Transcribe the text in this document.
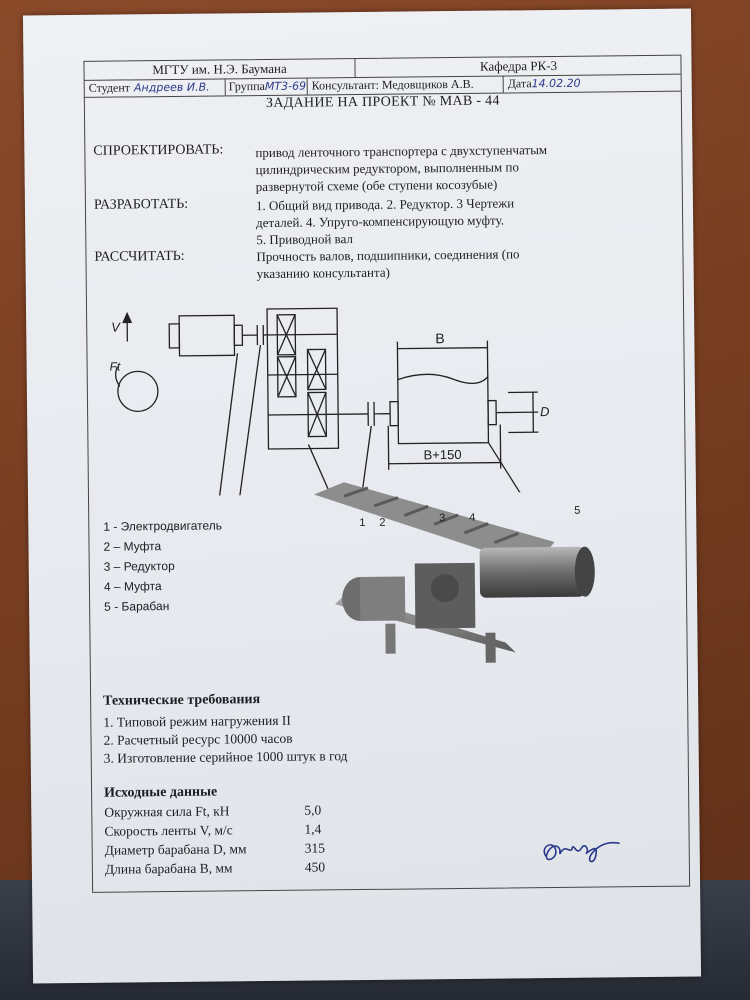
МГТУ им. Н.Э. Баумана	Кафедра РК-3
Студент Андреев И.В. Группа МТ3-69 Консультант: Медовщиков А.В.	Дата 14.02.20
ЗАДАНИЕ НА ПРОЕКТ № МАВ - 44
СПРОЕКТИРОВАТЬ: привод ленточного транспортера с двухступенчатым
цилиндрическим редуктором, выполненным по
развернутой схеме (обе ступени косозубые)
РАЗРАБОТАТЬ:	1. Общий вид привода. 2. Редуктор. 3 Чертежи
деталей. 4. Упруго-компенсирующую муфту.
5. Приводной вал
РАССЧИТАТЬ:	Прочность валов, подшипники, соединения (по
указанию консультанта)
V
Ft
B
B+150
D
1 2	3 4
5
1 - Электродвигатель
2 – Муфта
3 – Редуктор
4 – Муфта
5 - Барабан
Технические требования
1. Типовой режим нагружения II
2. Расчетный ресурс 10000 часов
3. Изготовление серийное 1000 штук в год
Исходные данные
Окружная сила Ft, кН	5,0
Скорость ленты V, м/с	1,4
Диаметр барабана D, мм	315
Длина барабана B, мм	450
